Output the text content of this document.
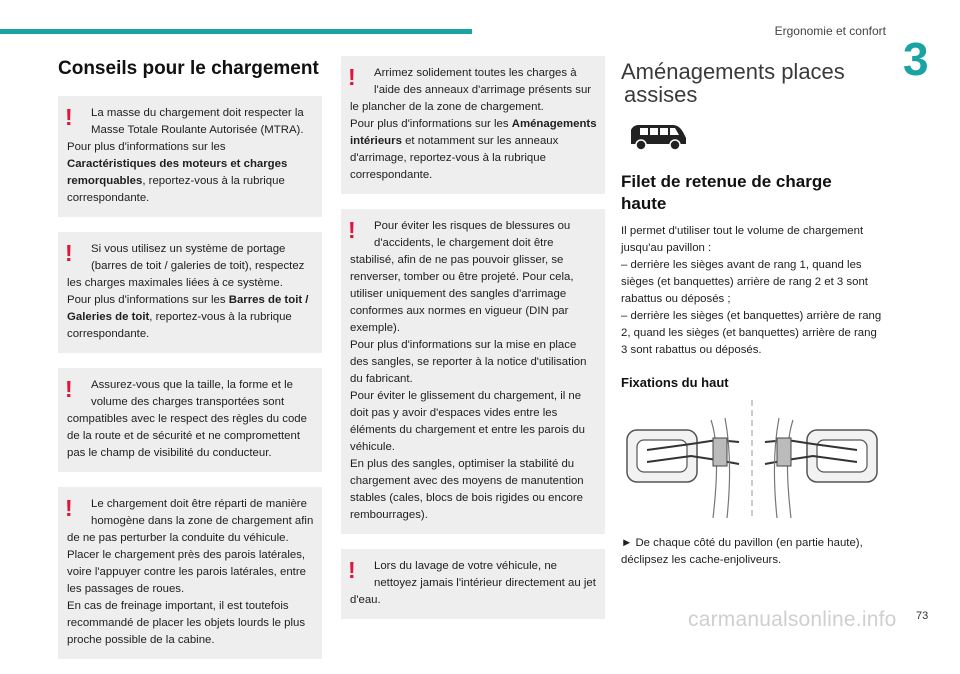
Ergonomie et confort
3
Conseils pour le chargement
!	La masse du chargement doit respecter la Masse Totale Roulante Autorisée (MTRA).

Pour plus d'informations sur les Caractéristiques des moteurs et charges remorquables, reportez-vous à la rubrique correspondante.

!	Si vous utilisez un système de portage (barres de toit / galeries de toit), respectez

les charges maximales liées à ce système.
Pour plus d'informations sur les Barres de toit / Galeries de toit, reportez-vous à la rubrique correspondante.

!	Assurez-vous que la taille, la forme et le volume des charges transportées sont

compatibles avec le respect des règles du code de la route et de sécurité et ne compromettent pas le champ de visibilité du conducteur.

!	Le chargement doit être réparti de manière homogène dans la zone de chargement afin

de ne pas perturber la conduite du véhicule.
Placer le chargement près des parois latérales, voire l'appuyer contre les parois latérales, entre les passages de roues.
En cas de freinage important, il est toutefois recommandé de placer les objets lourds le plus proche possible de la cabine.

!	Arrimez solidement toutes les charges à l'aide des anneaux d'arrimage présents sur

le plancher de la zone de chargement.
Pour plus d'informations sur les Aménagements intérieurs et notamment sur les anneaux d'arrimage, reportez-vous à la rubrique correspondante.

!	Pour éviter les risques de blessures ou d'accidents, le chargement doit être

stabilisé, afin de ne pas pouvoir glisser, se renverser, tomber ou être projeté. Pour cela, utiliser uniquement des sangles d'arrimage conformes aux normes en vigueur (DIN par exemple).
Pour plus d'informations sur la mise en place des sangles, se reporter à la notice d'utilisation du fabricant.
Pour éviter le glissement du chargement, il ne doit pas y avoir d'espaces vides entre les éléments du chargement et entre les parois du véhicule.
En plus des sangles, optimiser la stabilité du chargement avec des moyens de manutention stables (cales, blocs de bois rigides ou encore rembourrages).

!	Lors du lavage de votre véhicule, ne nettoyez jamais l'intérieur directement au jet

d'eau.

Aménagements places
assises
Filet de retenue de charge
haute

Il permet d'utiliser tout le volume de chargement jusqu'au pavillon :
– derrière les sièges avant de rang 1, quand les sièges (et banquettes) arrière de rang 2 et 3 sont rabattus ou déposés ;
– derrière les sièges (et banquettes) arrière de rang 2, quand les sièges (et banquettes) arrière de rang 3 sont rabattus ou déposés.

Fixations du haut

► De chaque côté du pavillon (en partie haute), déclipsez les cache-enjoliveurs.

carmanualsonline.info 73
